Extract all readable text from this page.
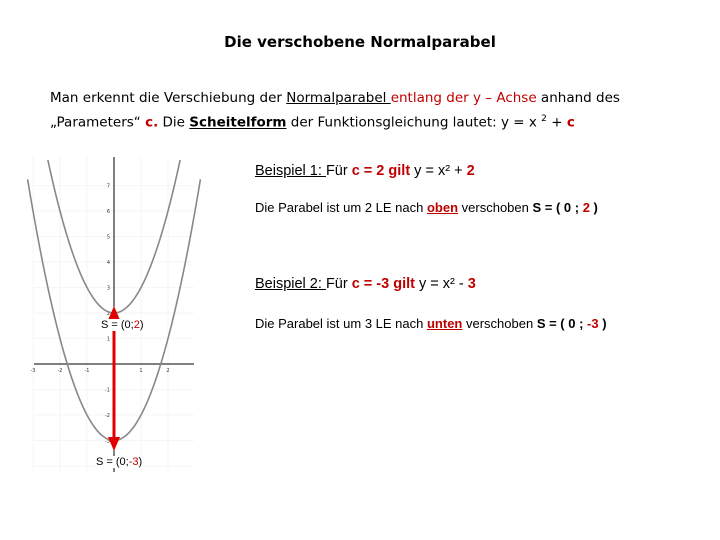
Die verschobene Normalparabel
Man erkennt die Verschiebung der Normalparabel entlang der y – Achse anhand des
„Parameters“ c. Die Scheitelform der Funktionsgleichung lautet: y = x $^2$ + c
Beispiel 1: Für c = 2 gilt y = x² + 2
Die Parabel ist um 2 LE nach oben verschoben S = ( 0 ; 2 )
Beispiel 2: Für c = -3 gilt y = x² - 3
Die Parabel ist um 3 LE nach unten verschoben S = ( 0 ; -3 )
7
6
5
4
3
2
1
-1
-2
-3
-3	-2	-1	1	2
S = (0;2)
S = (0;-3)
